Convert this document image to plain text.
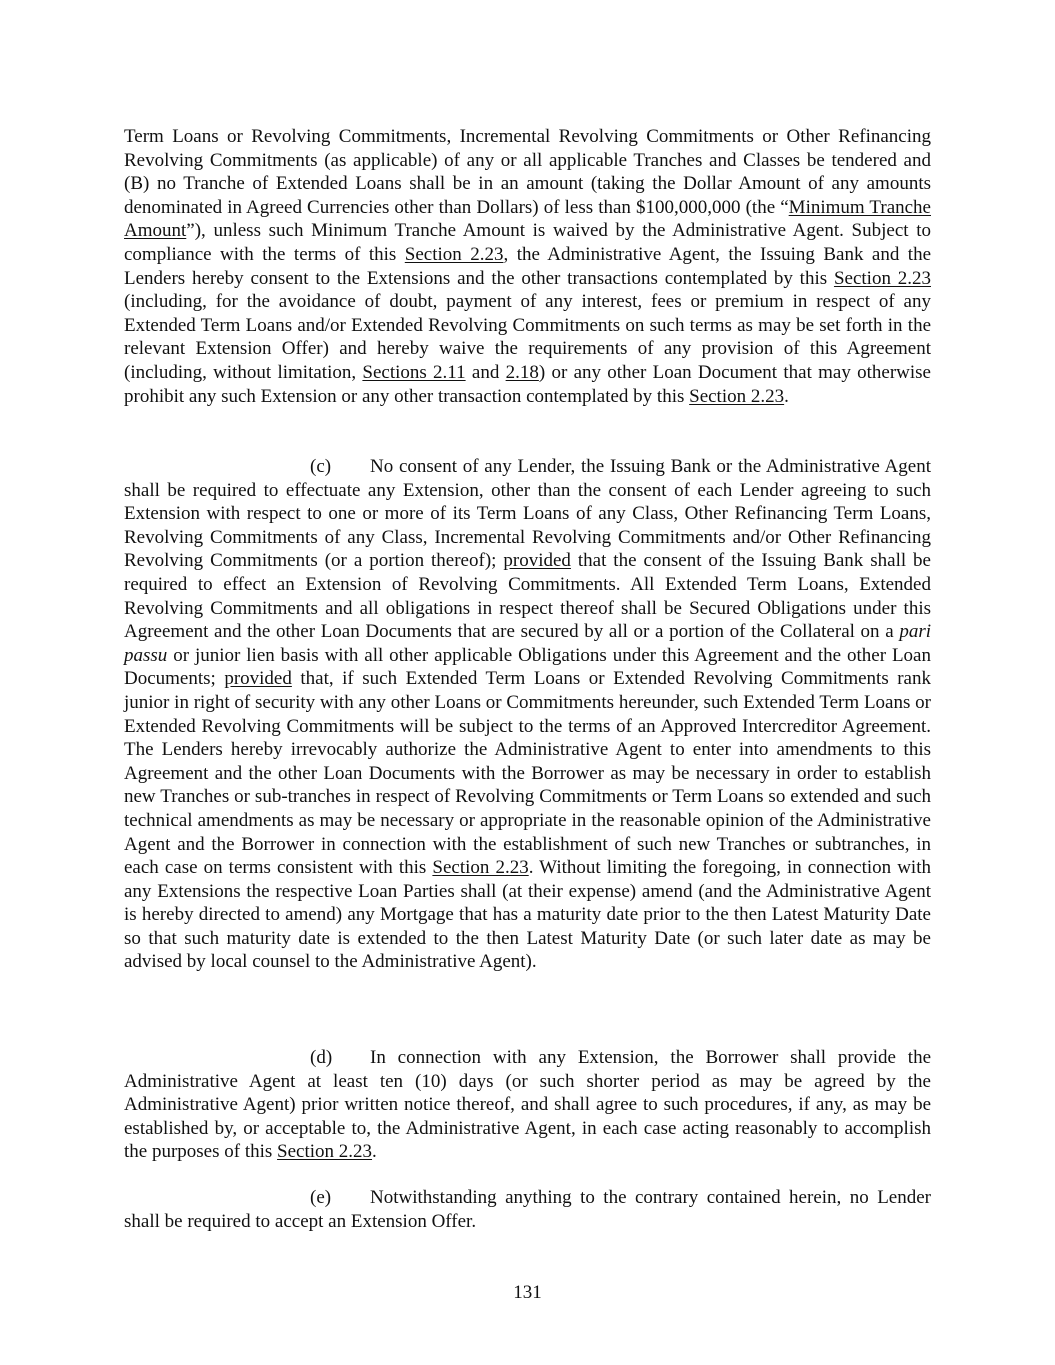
Term Loans or Revolving Commitments, Incremental Revolving Commitments or Other Refinancing Revolving Commitments (as applicable) of any or all applicable Tranches and Classes be tendered and (B) no Tranche of Extended Loans shall be in an amount (taking the Dollar Amount of any amounts denominated in Agreed Currencies other than Dollars) of less than $100,000,000 (the “Minimum Tranche Amount”), unless such Minimum Tranche Amount is waived by the Administrative Agent. Subject to compliance with the terms of this Section 2.23, the Administrative Agent, the Issuing Bank and the Lenders hereby consent to the Extensions and the other transactions contemplated by this Section 2.23 (including, for the avoidance of doubt, payment of any interest, fees or premium in respect of any Extended Term Loans and/or Extended Revolving Commitments on such terms as may be set forth in the relevant Extension Offer) and hereby waive the requirements of any provision of this Agreement (including, without limitation, Sections 2.11 and 2.18) or any other Loan Document that may otherwise prohibit any such Extension or any other transaction contemplated by this Section 2.23.

(c) No consent of any Lender, the Issuing Bank or the Administrative Agent shall be required to effectuate any Extension, other than the consent of each Lender agreeing to such Extension with respect to one or more of its Term Loans of any Class, Other Refinancing Term Loans, Revolving Commitments of any Class, Incremental Revolving Commitments and/or Other Refinancing Revolving Commitments (or a portion thereof); provided that the consent of the Issuing Bank shall be required to effect an Extension of Revolving Commitments. All Extended Term Loans, Extended Revolving Commitments and all obligations in respect thereof shall be Secured Obligations under this Agreement and the other Loan Documents that are secured by all or a portion of the Collateral on a pari passu or junior lien basis with all other applicable Obligations under this Agreement and the other Loan Documents; provided that, if such Extended Term Loans or Extended Revolving Commitments rank junior in right of security with any other Loans or Commitments hereunder, such Extended Term Loans or Extended Revolving Commitments will be subject to the terms of an Approved Intercreditor Agreement. The Lenders hereby irrevocably authorize the Administrative Agent to enter into amendments to this Agreement and the other Loan Documents with the Borrower as may be necessary in order to establish new Tranches or sub-tranches in respect of Revolving Commitments or Term Loans so extended and such technical amendments as may be necessary or appropriate in the reasonable opinion of the Administrative Agent and the Borrower in connection with the establishment of such new Tranches or subtranches, in each case on terms consistent with this Section 2.23. Without limiting the foregoing, in connection with any Extensions the respective Loan Parties shall (at their expense) amend (and the Administrative Agent is hereby directed to amend) any Mortgage that has a maturity date prior to the then Latest Maturity Date so that such maturity date is extended to the then Latest Maturity Date (or such later date as may be advised by local counsel to the Administrative Agent).

(d) In connection with any Extension, the Borrower shall provide the Administrative Agent at least ten (10) days (or such shorter period as may be agreed by the Administrative Agent) prior written notice thereof, and shall agree to such procedures, if any, as may be established by, or acceptable to, the Administrative Agent, in each case acting reasonably to accomplish the purposes of this Section 2.23.

(e) Notwithstanding anything to the contrary contained herein, no Lender shall be required to accept an Extension Offer.

131
